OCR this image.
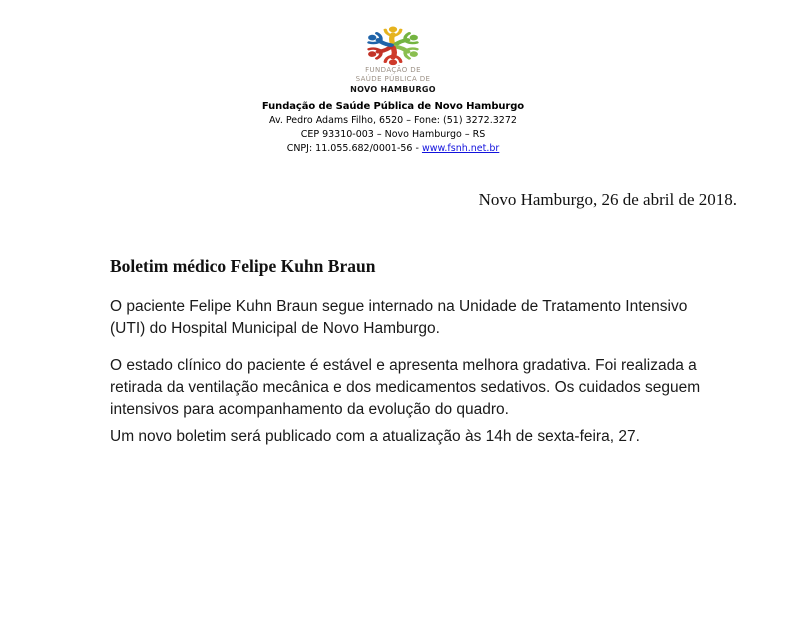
FUNDAÇÃO DE
SAÚDE PÚBLICA DE
NOVO HAMBURGO
Fundação de Saúde Pública de Novo Hamburgo
Av. Pedro Adams Filho, 6520 – Fone: (51) 3272.3272
CEP 93310-003 – Novo Hamburgo – RS
CNPJ: 11.055.682/0001-56 - www.fsnh.net.br
Novo Hamburgo, 26 de abril de 2018.
Boletim médico Felipe Kuhn Braun
O paciente Felipe Kuhn Braun segue internado na Unidade de Tratamento Intensivo
(UTI) do Hospital Municipal de Novo Hamburgo.
O estado clínico do paciente é estável e apresenta melhora gradativa. Foi realizada a
retirada da ventilação mecânica e dos medicamentos sedativos. Os cuidados seguem
intensivos para acompanhamento da evolução do quadro.
Um novo boletim será publicado com a atualização às 14h de sexta-feira, 27.
